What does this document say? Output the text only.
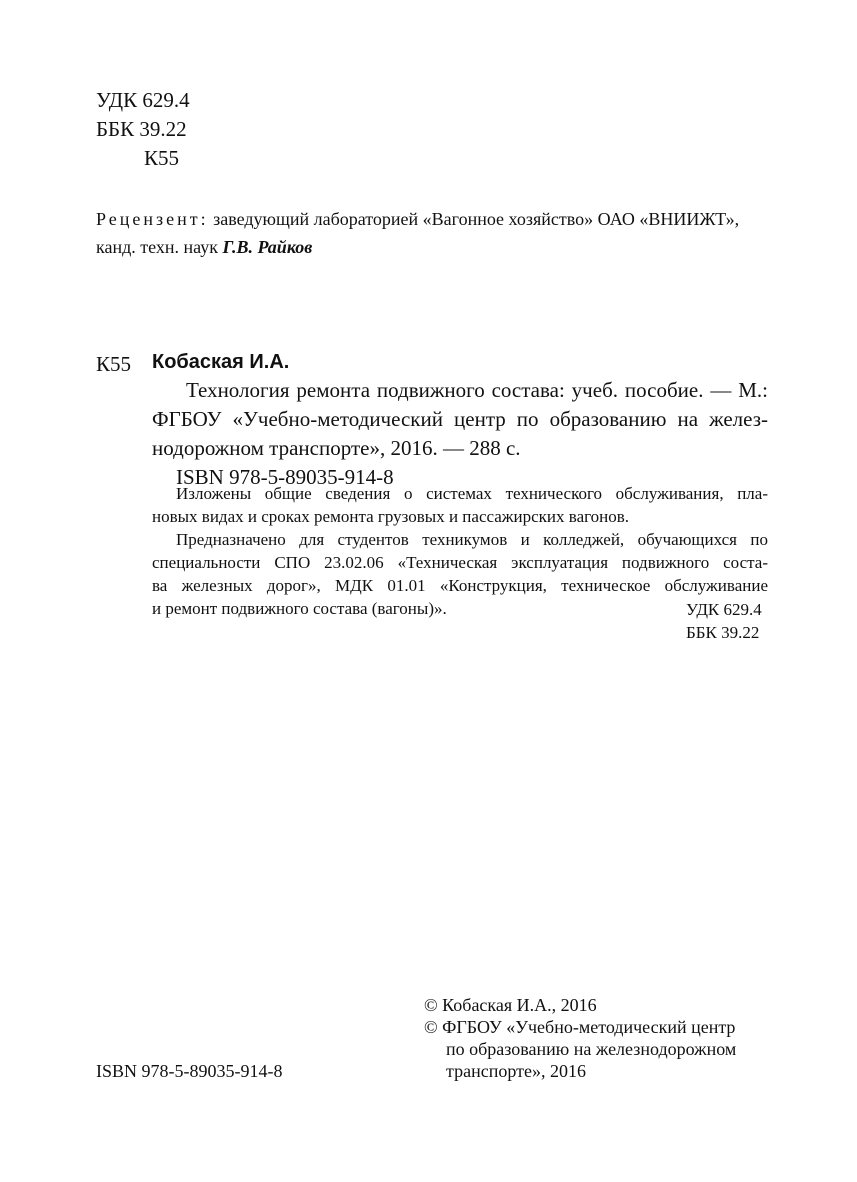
УДК 629.4
ББК 39.22
К55
Рецензент: заведующий лабораторией «Вагонное хозяйство» ОАО «ВНИИЖТ»,
канд. техн. наук Г.В. Райков
К55 Кобаская И.А.
Технология ремонта подвижного состава: учеб. пособие. — М.:
ФГБОУ «Учебно-методический центр по образованию на желез-
нодорожном транспорте», 2016. — 288 с.
ISBN 978-5-89035-914-8
Изложены общие сведения о системах технического обслуживания, пла-
новых видах и сроках ремонта грузовых и пассажирских вагонов.
Предназначено для студентов техникумов и колледжей, обучающихся по
специальности СПО 23.02.06 «Техническая эксплуатация подвижного соста-
ва железных дорог», МДК 01.01 «Конструкция, техническое обслуживание
и ремонт подвижного состава (вагоны)».	УДК 629.4
ББК 39.22
© Кобаская И.А., 2016
© ФГБОУ «Учебно-методический центр
по образованию на железнодорожном
транспорте», 2016
ISBN 978-5-89035-914-8
